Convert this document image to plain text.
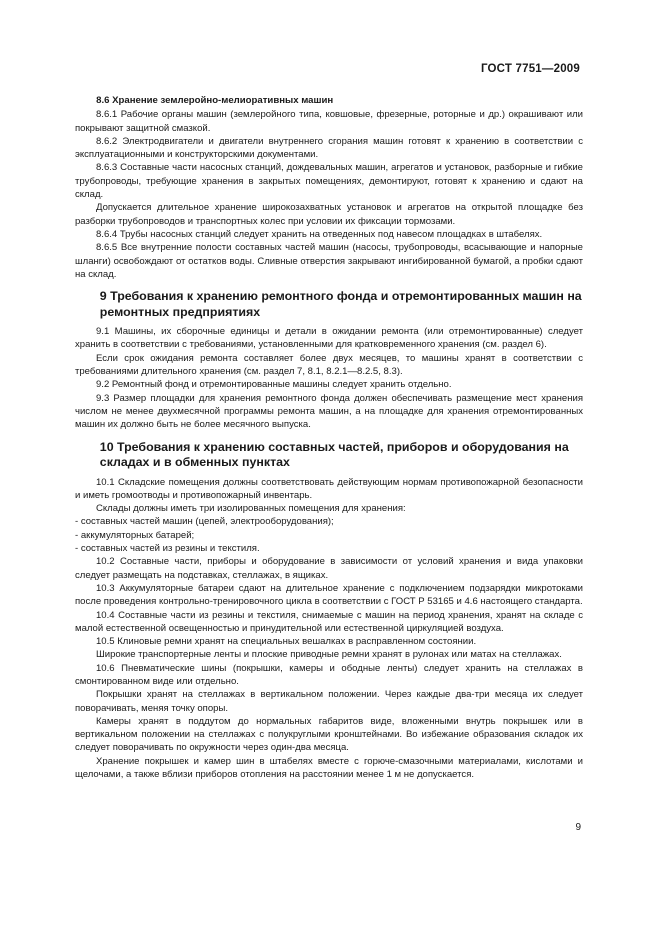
ГОСТ 7751—2009
8.6 Хранение землеройно-мелиоративных машин

8.6.1 Рабочие органы машин (землеройного типа, ковшовые, фрезерные, роторные и др.) окрашивают или покрывают защитной смазкой.

8.6.2 Электродвигатели и двигатели внутреннего сгорания машин готовят к хранению в соответствии с эксплуатационными и конструкторскими документами.

8.6.3 Составные части насосных станций, дождевальных машин, агрегатов и установок, разборные и гибкие трубопроводы, требующие хранения в закрытых помещениях, демонтируют, готовят к хранению и сдают на склад.

Допускается длительное хранение широкозахватных установок и агрегатов на открытой площадке без разборки трубопроводов и транспортных колес при условии их фиксации тормозами.

8.6.4 Трубы насосных станций следует хранить на отведенных под навесом площадках в штабелях.

8.6.5 Все внутренние полости составных частей машин (насосы, трубопроводы, всасывающие и напорные шланги) освобождают от остатков воды. Сливные отверстия закрывают ингибированной бумагой, а пробки сдают на склад.

9 Требования к хранению ремонтного фонда и отремонтированных машин на ремонтных предприятиях

9.1 Машины, их сборочные единицы и детали в ожидании ремонта (или отремонтированные) следует хранить в соответствии с требованиями, установленными для кратковременного хранения (см. раздел 6).

Если срок ожидания ремонта составляет более двух месяцев, то машины хранят в соответствии с требованиями длительного хранения (см. раздел 7, 8.1, 8.2.1—8.2.5, 8.3).

9.2 Ремонтный фонд и отремонтированные машины следует хранить отдельно.

9.3 Размер площадки для хранения ремонтного фонда должен обеспечивать размещение мест хранения числом не менее двухмесячной программы ремонта машин, а на площадке для хранения отремонтированных машин их должно быть не более месячного выпуска.

10 Требования к хранению составных частей, приборов и оборудования на складах и в обменных пунктах

10.1 Складские помещения должны соответствовать действующим нормам противопожарной безопасности и иметь громоотводы и противопожарный инвентарь.

Склады должны иметь три изолированных помещения для хранения:

- составных частей машин (цепей, электрооборудования);

- аккумуляторных батарей;

- составных частей из резины и текстиля.

10.2 Составные части, приборы и оборудование в зависимости от условий хранения и вида упаковки следует размещать на подставках, стеллажах, в ящиках.

10.3 Аккумуляторные батареи сдают на длительное хранение с подключением подзарядки микротоками после проведения контрольно-тренировочного цикла в соответствии с ГОСТ Р 53165 и 4.6 настоящего стандарта.

10.4 Составные части из резины и текстиля, снимаемые с машин на период хранения, хранят на складе с малой естественной освещенностью и принудительной или естественной циркуляцией воздуха.

10.5 Клиновые ремни хранят на специальных вешалках в расправленном состоянии.

Широкие транспортерные ленты и плоские приводные ремни хранят в рулонах или матах на стеллажах.

10.6 Пневматические шины (покрышки, камеры и ободные ленты) следует хранить на стеллажах в смонтированном виде или отдельно.

Покрышки хранят на стеллажах в вертикальном положении. Через каждые два-три месяца их следует поворачивать, меняя точку опоры.

Камеры хранят в поддутом до нормальных габаритов виде, вложенными внутрь покрышек или в вертикальном положении на стеллажах с полукруглыми кронштейнами. Во избежание образования складок их следует поворачивать по окружности через один-два месяца.

Хранение покрышек и камер шин в штабелях вместе с горюче-смазочными материалами, кислотами и щелочами, а также вблизи приборов отопления на расстоянии менее 1 м не допускается.

9
